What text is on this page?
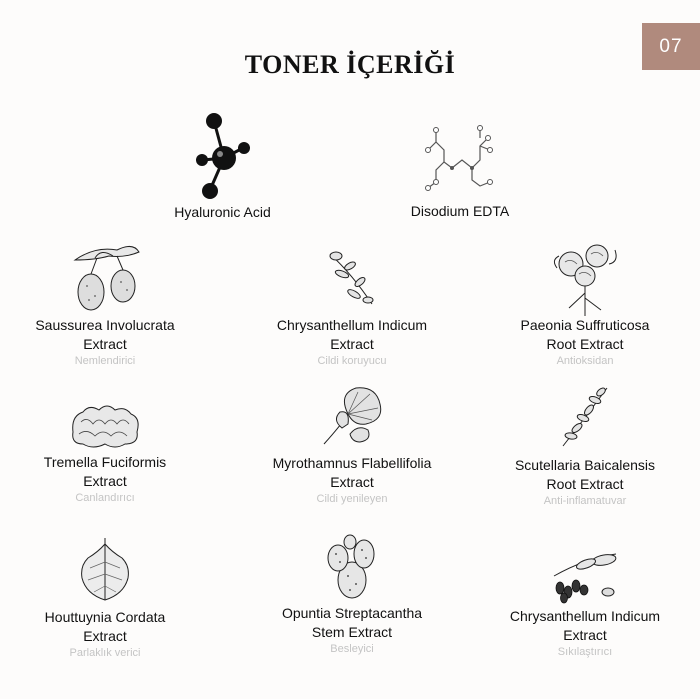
07
TONER İÇERİĞİ
Hyaluronic Acid	Disodium EDTA
Saussurea Involucrata
Extract
Nemlendirici
Chrysanthellum Indicum
Extract
Cildi koruyucu
Paeonia Suffruticosa
Root Extract
Antioksidan
Tremella Fuciformis
Extract
Canlandırıcı
Myrothamnus Flabellifolia
Extract
Cildi yenileyen
Scutellaria Baicalensis
Root Extract
Anti-inflamatuvar
Houttuynia Cordata
Extract
Parlaklık verici
Opuntia Streptacantha
Stem Extract
Besleyici
Chrysanthellum Indicum
Extract
Sıkılaştırıcı
